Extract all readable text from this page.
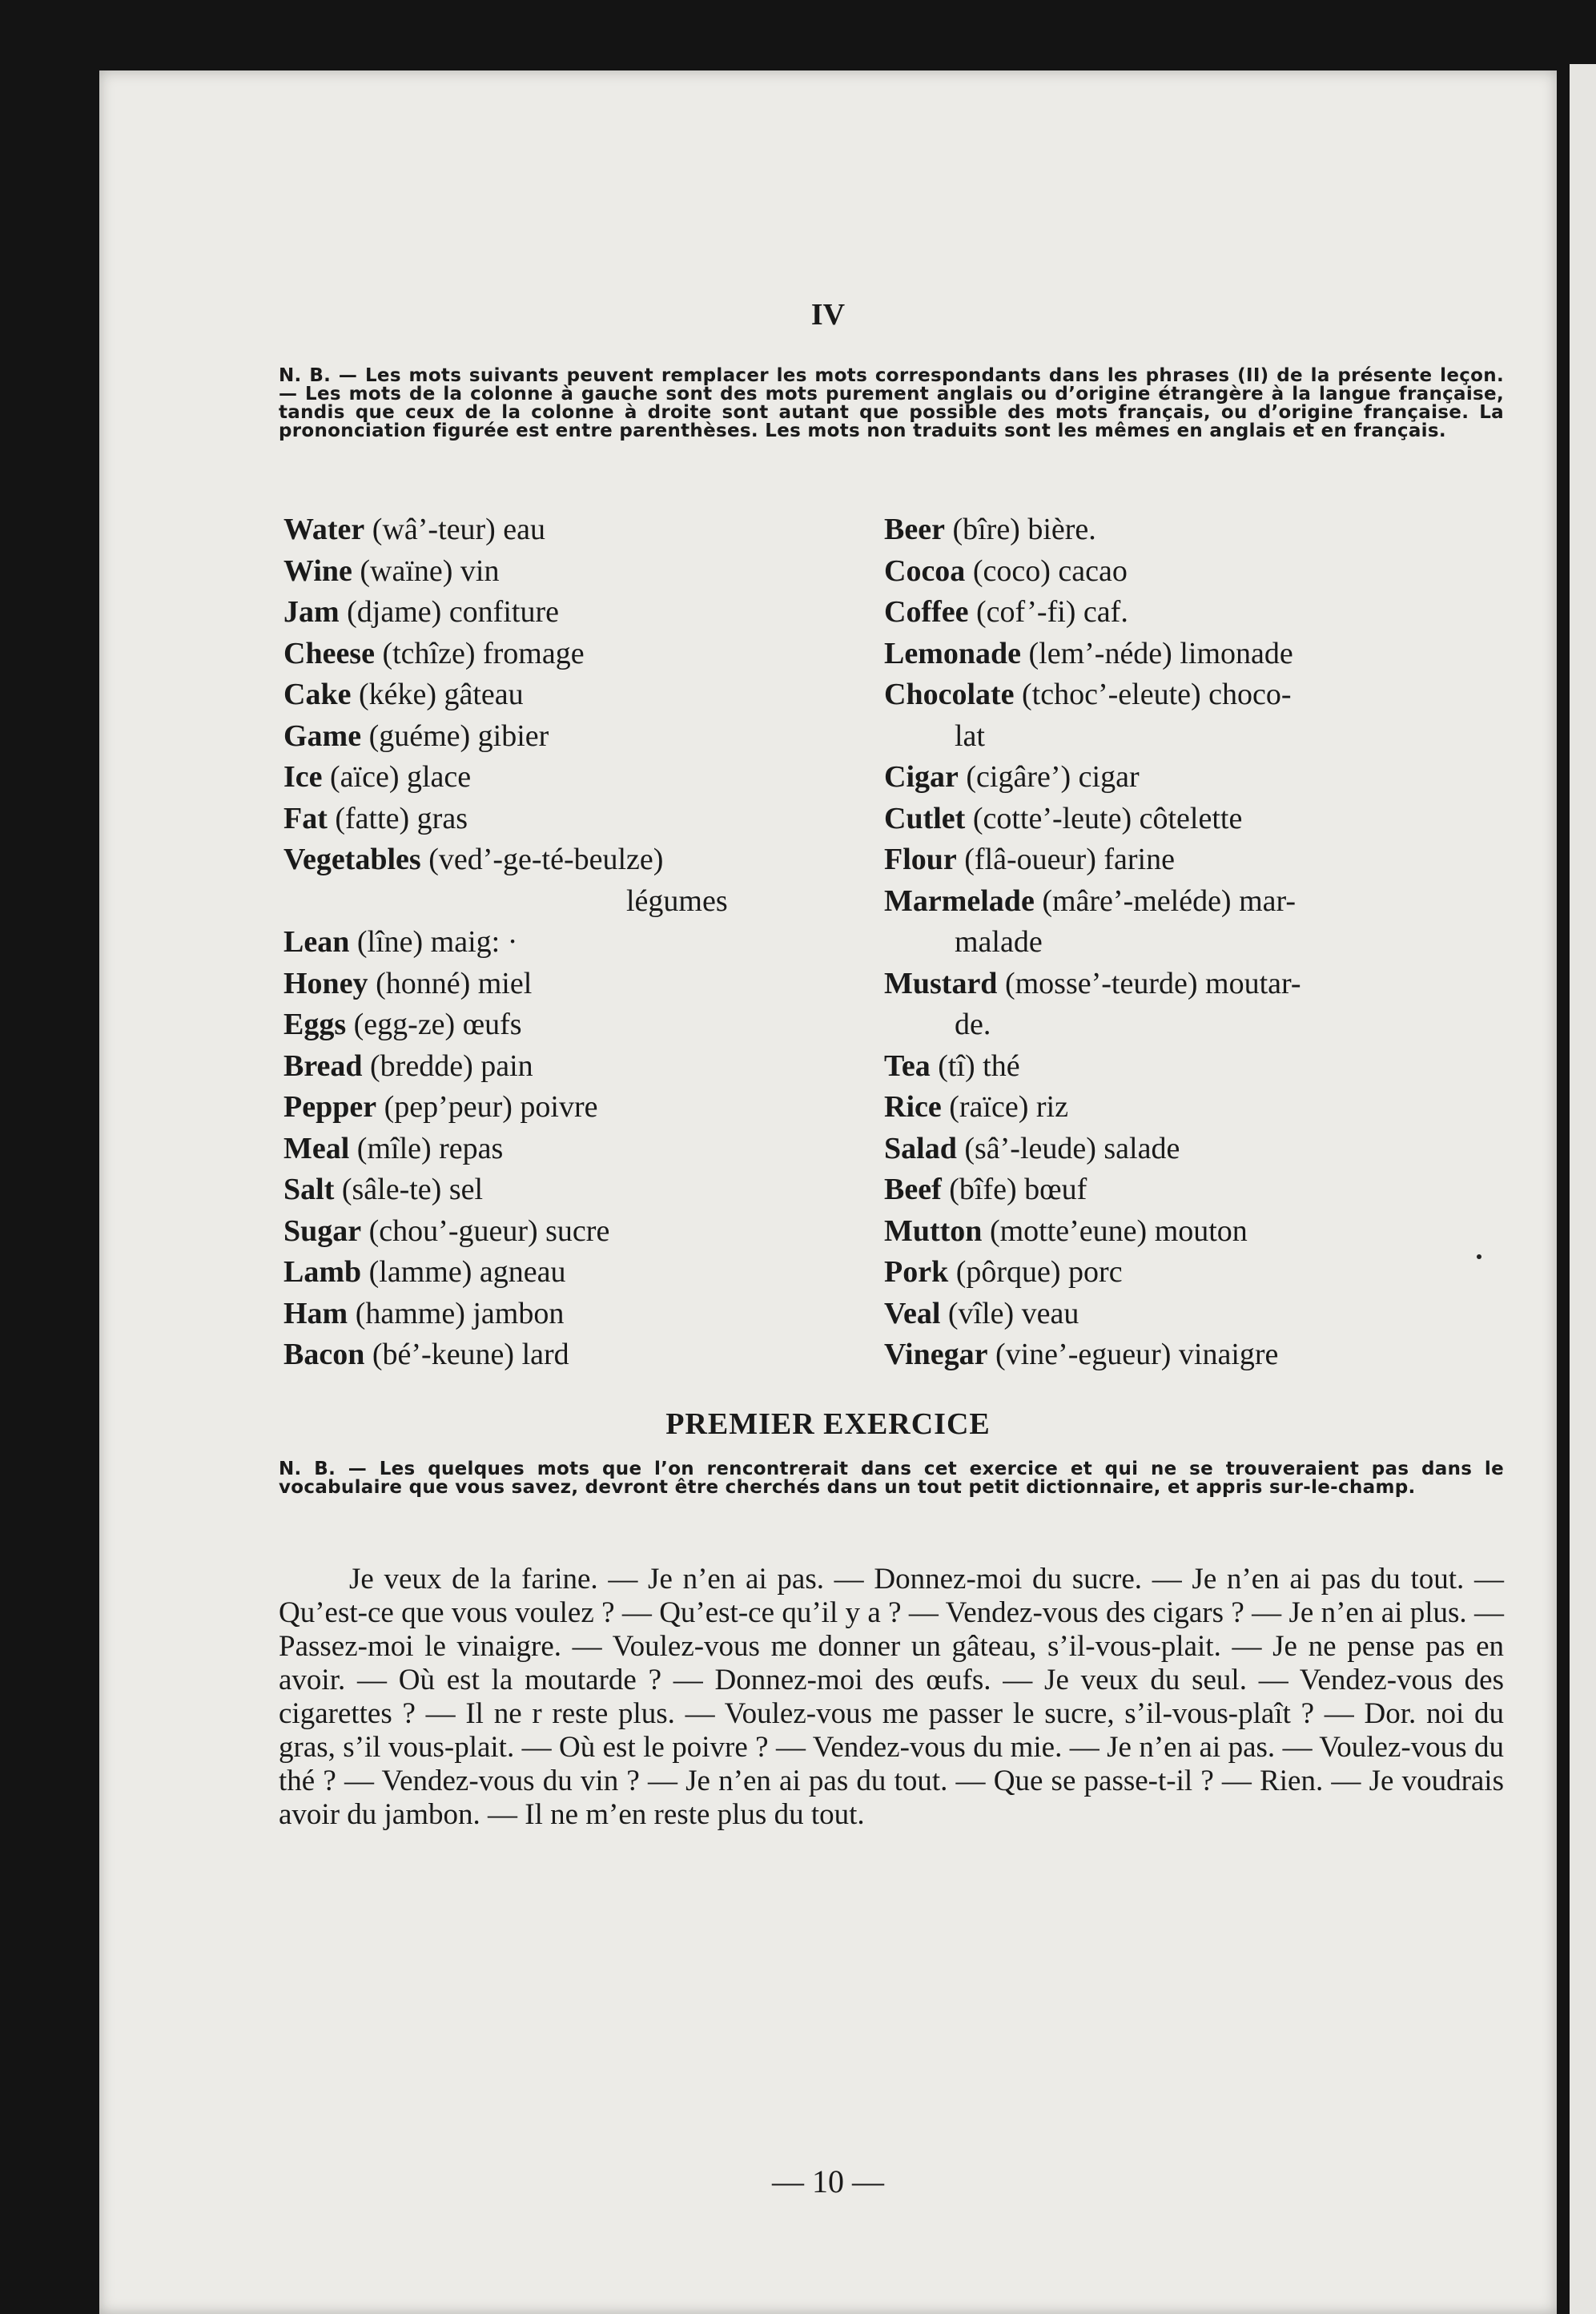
IV

N. B. — Les mots suivants peuvent remplacer les mots correspondants dans les phrases (II) de la présente leçon. — Les mots de la colonne à gauche sont des mots purement anglais ou d’origine étrangère à la langue française, tandis que ceux de la colonne à droite sont autant que possible des mots français, ou d’origine française. La prononciation figurée est entre parenthèses. Les mots non traduits sont les mêmes en anglais et en français.

Water (wâ’-teur) eau
Wine (waïne) vin
Jam (djame) confiture
Cheese (tchîze) fromage
Cake (kéke) gâteau
Game (guéme) gibier
Ice (aïce) glace
Fat (fatte) gras
Vegetables (ved’-ge-té-beulze)
légumes
Lean (lîne) maig: ·
Honey (honné) miel
Eggs (egg-ze) œufs
Bread (bredde) pain
Pepper (pep’peur) poivre
Meal (mîle) repas
Salt (sâle-te) sel
Sugar (chou’-gueur) sucre
Lamb (lamme) agneau
Ham (hamme) jambon
Bacon (bé’-keune) lard
Beer (bîre) bière.
Cocoa (coco) cacao
Coffee (cof’-fi) caf.
Lemonade (lem’-néde) limonade
Chocolate (tchoc’-eleute) choco-
lat
Cigar (cigâre’) cigar
Cutlet (cotte’-leute) côtelette
Flour (flâ-oueur) farine
Marmelade (mâre’-meléde) mar-
malade
Mustard (mosse’-teurde) moutar-
de.
Tea (tî) thé
Rice (raïce) riz
Salad (sâ’-leude) salade
Beef (bîfe) bœuf
Mutton (motte’eune) mouton
Pork (pôrque) porc
Veal (vîle) veau
Vinegar (vine’-egueur) vinaigre
PREMIER EXERCICE

N. B. — Les quelques mots que l’on rencontrerait dans cet exercice et qui ne se trouveraient pas dans le vocabulaire que vous savez, devront être cherchés dans un tout petit dictionnaire, et appris sur-le-champ.

Je veux de la farine. — Je n’en ai pas. — Donnez-moi du sucre. — Je n’en ai pas du tout. — Qu’est-ce que vous voulez ? — Qu’est-ce qu’il y a ? — Vendez-vous des cigars ? — Je n’en ai plus. — Passez-moi le vinaigre. — Voulez-vous me donner un gâteau, s’il-vous-plait. — Je ne pense pas en avoir. — Où est la moutarde ? — Donnez-moi des œufs. — Je veux du seul. — Vendez-vous des cigarettes ? — Il ne r reste plus. — Voulez-vous me passer le sucre, s’il-vous-plaît ? — Dor. noi du gras, s’il vous-plait. — Où est le poivre ? — Vendez-vous du mie. — Je n’en ai pas. — Voulez-vous du thé ? — Vendez-vous du vin ? — Je n’en ai pas du tout. — Que se passe-t-il ? — Rien. — Je voudrais avoir du jambon. — Il ne m’en reste plus du tout.

— 10 —
